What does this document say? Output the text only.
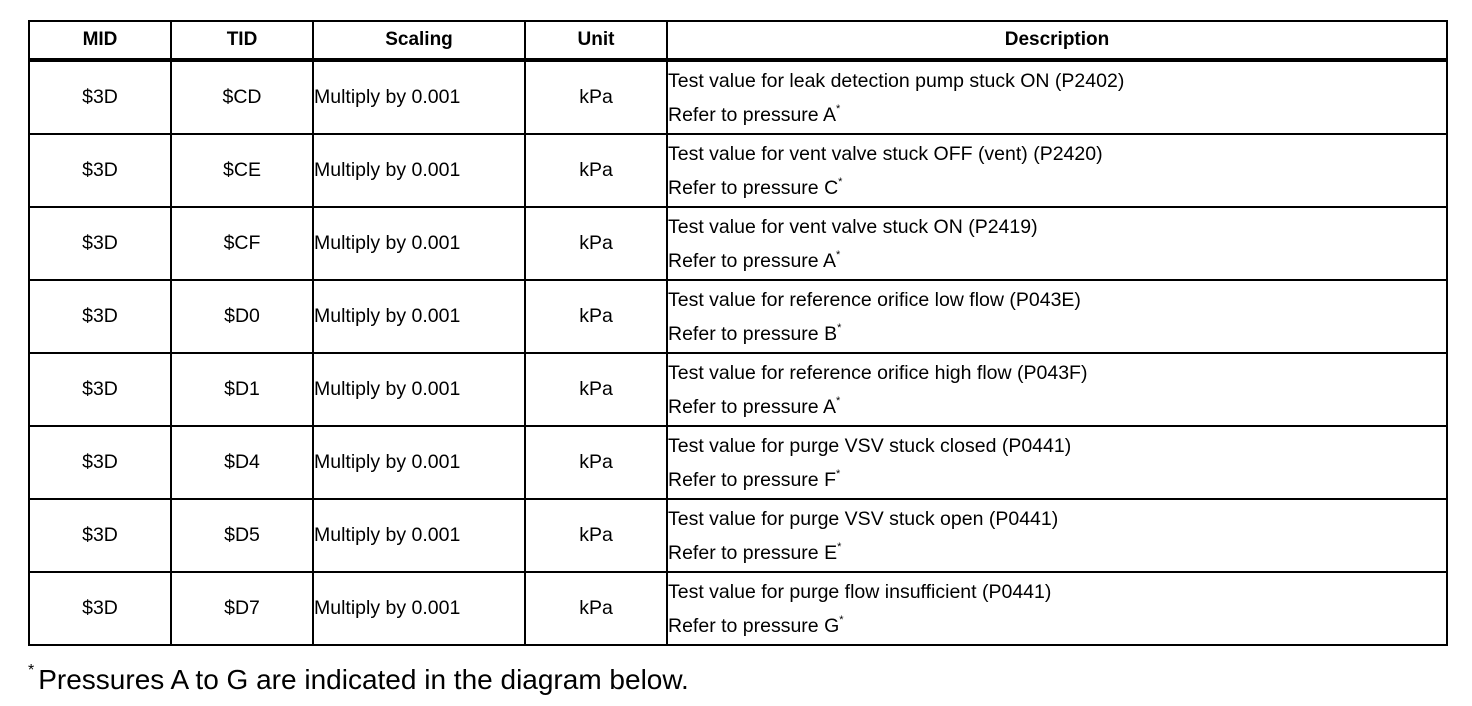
MID	TID	Scaling	Unit	Description
$3D	$CD	Multiply by 0.001	kPa	Test value for leak detection pump stuck ON (P2402)
Refer to pressure A*

$3D	$CE	Multiply by 0.001	kPa	Test value for vent valve stuck OFF (vent) (P2420)
Refer to pressure C*

$3D	$CF	Multiply by 0.001	kPa	Test value for vent valve stuck ON (P2419)
Refer to pressure A*

$3D	$D0	Multiply by 0.001	kPa	Test value for reference orifice low flow (P043E)
Refer to pressure B*

$3D	$D1	Multiply by 0.001	kPa	Test value for reference orifice high flow (P043F)
Refer to pressure A*

$3D	$D4	Multiply by 0.001	kPa	Test value for purge VSV stuck closed (P0441)
Refer to pressure F*

$3D	$D5	Multiply by 0.001	kPa	Test value for purge VSV stuck open (P0441)
Refer to pressure E*

$3D	$D7	Multiply by 0.001	kPa	Test value for purge flow insufficient (P0441)
Refer to pressure G*
* Pressures A to G are indicated in the diagram below.
